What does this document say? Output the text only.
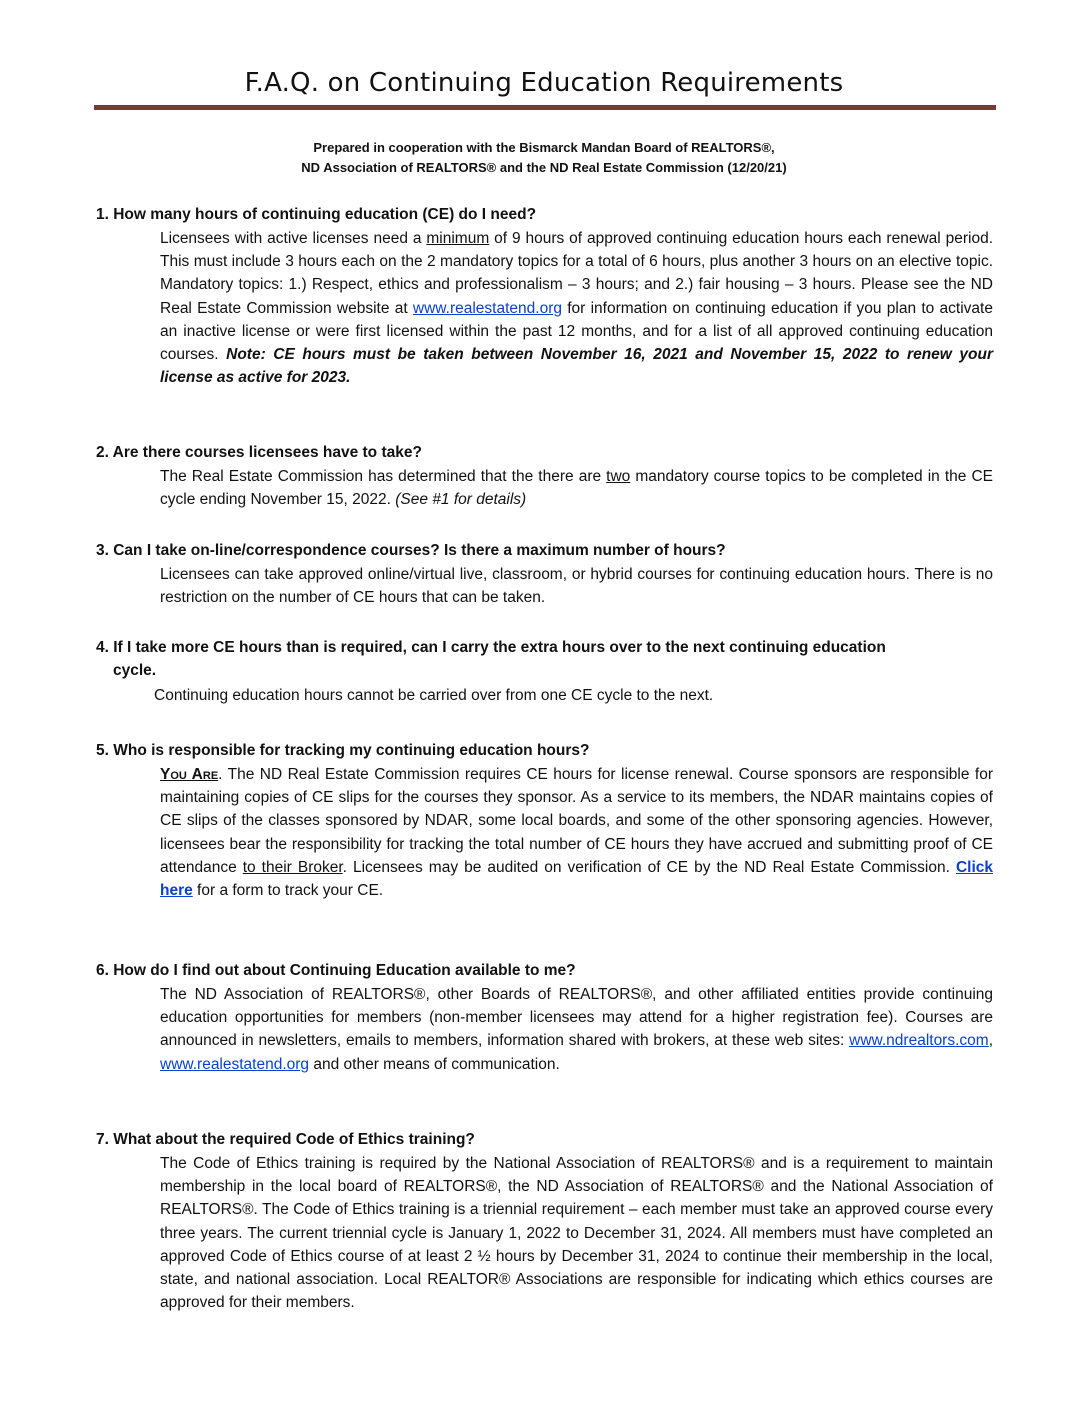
F.A.Q. on Continuing Education Requirements
Prepared in cooperation with the Bismarck Mandan Board of REALTORS®,
ND Association of REALTORS® and the ND Real Estate Commission (12/20/21)
1. How many hours of continuing education (CE) do I need?
Licensees with active licenses need a minimum of 9 hours of approved continuing education hours each renewal period. This must include 3 hours each on the 2 mandatory topics for a total of 6 hours, plus another 3 hours on an elective topic. Mandatory topics: 1.) Respect, ethics and professionalism – 3 hours; and 2.) fair housing – 3 hours. Please see the ND Real Estate Commission website at www.realestatend.org for information on continuing education if you plan to activate an inactive license or were first licensed within the past 12 months, and for a list of all approved continuing education courses. Note: CE hours must be taken between November 16, 2021 and November 15, 2022 to renew your license as active for 2023.
2. Are there courses licensees have to take?
The Real Estate Commission has determined that the there are two mandatory course topics to be completed in the CE cycle ending November 15, 2022. (See #1 for details)
3. Can I take on-line/correspondence courses? Is there a maximum number of hours?
Licensees can take approved online/virtual live, classroom, or hybrid courses for continuing education hours. There is no restriction on the number of CE hours that can be taken.
4. If I take more CE hours than is required, can I carry the extra hours over to the next continuing education
cycle.
Continuing education hours cannot be carried over from one CE cycle to the next.
5. Who is responsible for tracking my continuing education hours?
You Are. The ND Real Estate Commission requires CE hours for license renewal. Course sponsors are responsible for maintaining copies of CE slips for the courses they sponsor. As a service to its members, the NDAR maintains copies of CE slips of the classes sponsored by NDAR, some local boards, and some of the other sponsoring agencies. However, licensees bear the responsibility for tracking the total number of CE hours they have accrued and submitting proof of CE attendance to their Broker. Licensees may be audited on verification of CE by the ND Real Estate Commission. Click here for a form to track your CE.
6. How do I find out about Continuing Education available to me?
The ND Association of REALTORS®, other Boards of REALTORS®, and other affiliated entities provide continuing education opportunities for members (non-member licensees may attend for a higher registration fee). Courses are announced in newsletters, emails to members, information shared with brokers, at these web sites: www.ndrealtors.com, www.realestatend.org and other means of communication.
7. What about the required Code of Ethics training?
The Code of Ethics training is required by the National Association of REALTORS® and is a requirement to maintain membership in the local board of REALTORS®, the ND Association of REALTORS® and the National Association of REALTORS®. The Code of Ethics training is a triennial requirement – each member must take an approved course every three years. The current triennial cycle is January 1, 2022 to December 31, 2024. All members must have completed an approved Code of Ethics course of at least 2 ½ hours by December 31, 2024 to continue their membership in the local, state, and national association. Local REALTOR® Associations are responsible for indicating which ethics courses are approved for their members.
